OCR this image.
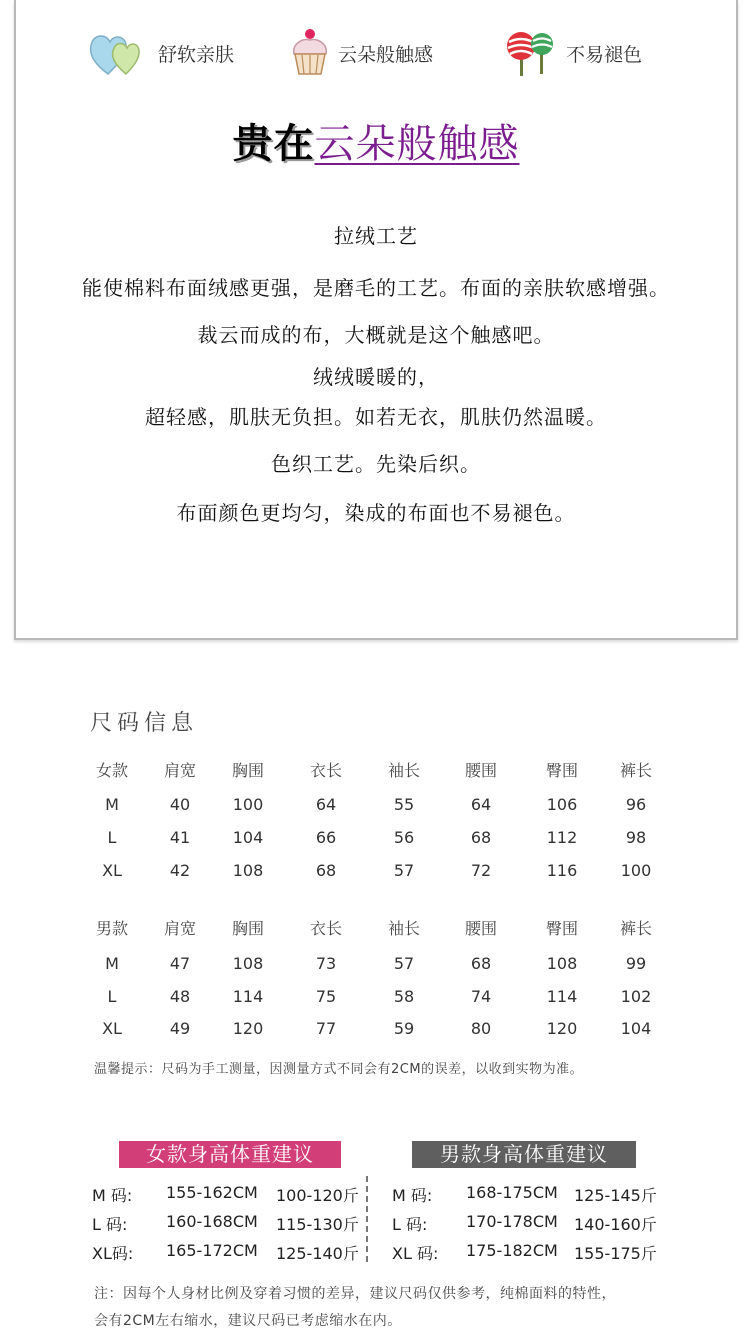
舒软亲肤	云朵般触感	不易褪色
贵在云朵般触感
拉绒工艺
能使棉料布面绒感更强，是磨毛的工艺。布面的亲肤软感增强。
裁云而成的布，大概就是这个触感吧。
绒绒暖暖的，
超轻感，肌肤无负担。如若无衣，肌肤仍然温暖。
色织工艺。先染后织。
布面颜色更均匀，染成的布面也不易褪色。
尺码信息
女款 肩宽 胸围	衣长	袖长	腰围	臀围	裤长
M	40	100	64	55	64	106	96
L	41	104	66	56	68	112	98
XL	42	108	68	57	72	116	100
男款 肩宽 胸围	衣长	袖长	腰围	臀围	裤长
M	47	108	73	57	68	108	99
L	48	114	75	58	74	114	102
XL	49	120	77	59	80	120	104
温馨提示：尺码为手工测量，因测量方式不同会有2CM的误差，以收到实物为准。
女款身高体重建议	男款身高体重建议
M 码: 155-162CM 100-120斤
L 码: 160-168CM 115-130斤
XL码: 165-172CM 125-140斤
M 码: 168-175CM 125-145斤
L 码: 170-178CM 140-160斤
XL 码: 175-182CM 155-175斤
注：因每个人身材比例及穿着习惯的差异，建议尺码仅供参考，纯棉面料的特性，
会有2CM左右缩水，建议尺码已考虑缩水在内。
